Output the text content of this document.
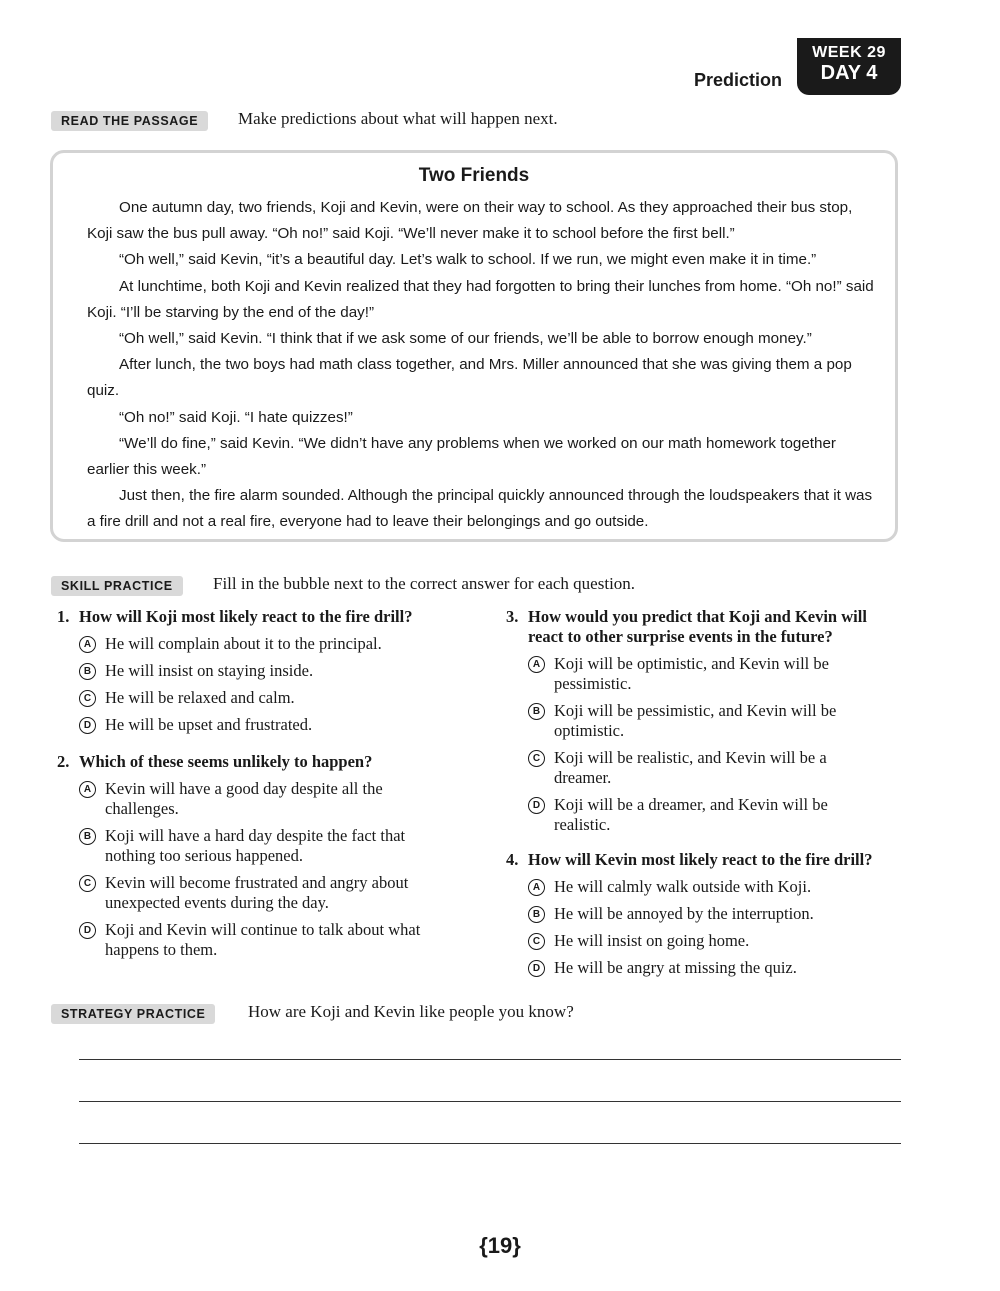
Prediction
WEEK 29
DAY 4
READ THE PASSAGE	Make predictions about what will happen next.
Two Friends

One autumn day, two friends, Koji and Kevin, were on their way to school. As they approached their bus stop, Koji saw the bus pull away. “Oh no!” said Koji. “We’ll never make it to school before the first bell.”

“Oh well,” said Kevin, “it’s a beautiful day. Let’s walk to school. If we run, we might even make it in time.”

At lunchtime, both Koji and Kevin realized that they had forgotten to bring their lunches from home. “Oh no!” said Koji. “I’ll be starving by the end of the day!”

“Oh well,” said Kevin. “I think that if we ask some of our friends, we’ll be able to borrow enough money.”

After lunch, the two boys had math class together, and Mrs. Miller announced that she was giving them a pop quiz.

“Oh no!” said Koji. “I hate quizzes!”

“We’ll do fine,” said Kevin. “We didn’t have any problems when we worked on our math homework together earlier this week.”

Just then, the fire alarm sounded. Although the principal quickly announced through the loudspeakers that it was a fire drill and not a real fire, everyone had to leave their belongings and go outside.

SKILL PRACTICE	Fill in the bubble next to the correct answer for each question.
1. How will Koji most likely react to the fire drill?
A He will complain about it to the principal.
B He will insist on staying inside.
C He will be relaxed and calm.
D He will be upset and frustrated.
2. Which of these seems unlikely to happen?
A Kevin will have a good day despite all the challenges.
B Koji will have a hard day despite the fact that nothing too serious happened.
C Kevin will become frustrated and angry about unexpected events during the day.
D Koji and Kevin will continue to talk about what happens to them.
3. How would you predict that Koji and Kevin will react to other surprise events in the future?
A Koji will be optimistic, and Kevin will be pessimistic.
B Koji will be pessimistic, and Kevin will be optimistic.
C Koji will be realistic, and Kevin will be a dreamer.
D Koji will be a dreamer, and Kevin will be realistic.
4. How will Kevin most likely react to the fire drill?
A He will calmly walk outside with Koji.
B He will be annoyed by the interruption.
C He will insist on going home.
D He will be angry at missing the quiz.
STRATEGY PRACTICE	How are Koji and Kevin like people you know?
{19}
